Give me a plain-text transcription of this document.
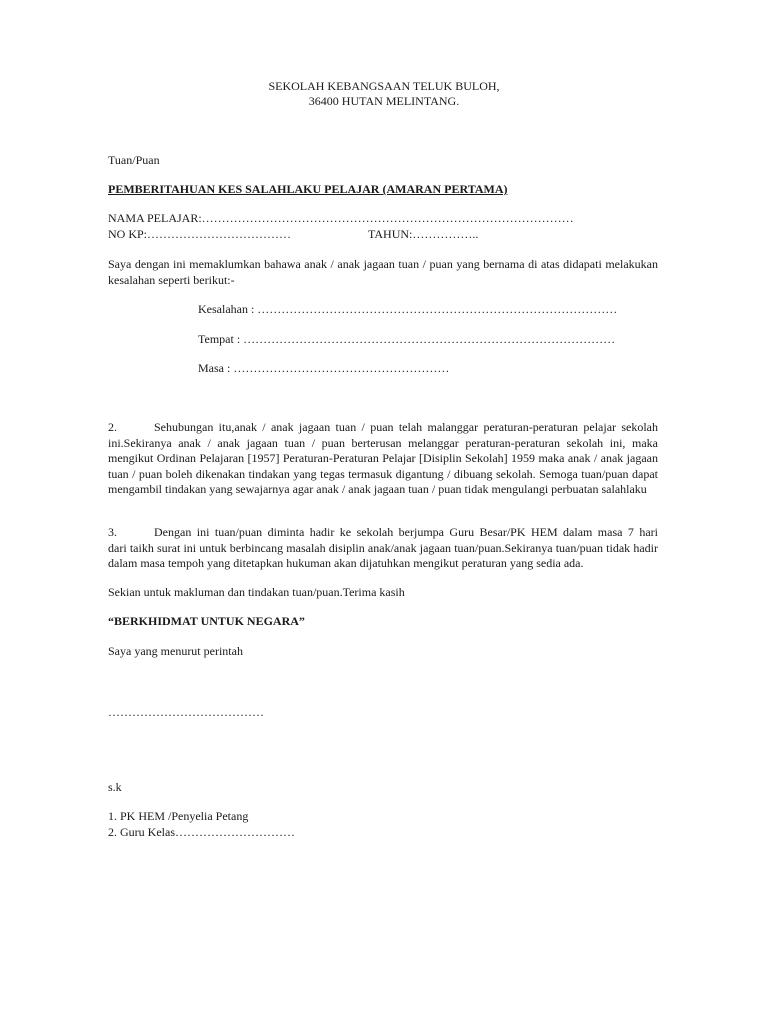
SEKOLAH KEBANGSAAN TELUK BULOH,
36400 HUTAN MELINTANG.
Tuan/Puan
PEMBERITAHUAN KES SALAHLAKU PELAJAR (AMARAN PERTAMA)
NAMA PELAJAR:…………………………………………………………………………………
NO KP:………………………………	TAHUN:……………..
Saya dengan ini memaklumkan bahawa anak / anak jagaan tuan / puan yang bernama di atas didapati melakukan kesalahan seperti berikut:-
Kesalahan : ………………………………………………………………………………
Tempat : …………………………………………………………………………………
Masa : ………………………………………………
2.	Sehubungan itu,anak / anak jagaan tuan / puan telah malanggar peraturan-peraturan pelajar sekolah
ini.Sekiranya anak / anak jagaan tuan / puan berterusan melanggar peraturan-peraturan sekolah ini, maka mengikut Ordinan Pelajaran [1957] Peraturan-Peraturan Pelajar [Disiplin Sekolah] 1959 maka anak / anak jagaan tuan / puan boleh dikenakan tindakan yang tegas termasuk digantung / dibuang sekolah. Semoga tuan/puan dapat mengambil tindakan yang sewajarnya agar anak / anak jagaan tuan / puan tidak mengulangi perbuatan salahlaku
3.	Dengan ini tuan/puan diminta hadir ke sekolah berjumpa Guru Besar/PK HEM dalam masa 7 hari
dari taikh surat ini untuk berbincang masalah disiplin anak/anak jagaan tuan/puan.Sekiranya tuan/puan tidak hadir dalam masa tempoh yang ditetapkan hukuman akan dijatuhkan mengikut peraturan yang sedia ada.
Sekian untuk makluman dan tindakan tuan/puan.Terima kasih
“BERKHIDMAT UNTUK NEGARA”
Saya yang menurut perintah
…………………………………
s.k
1. PK HEM /Penyelia Petang
2. Guru Kelas…………………………
